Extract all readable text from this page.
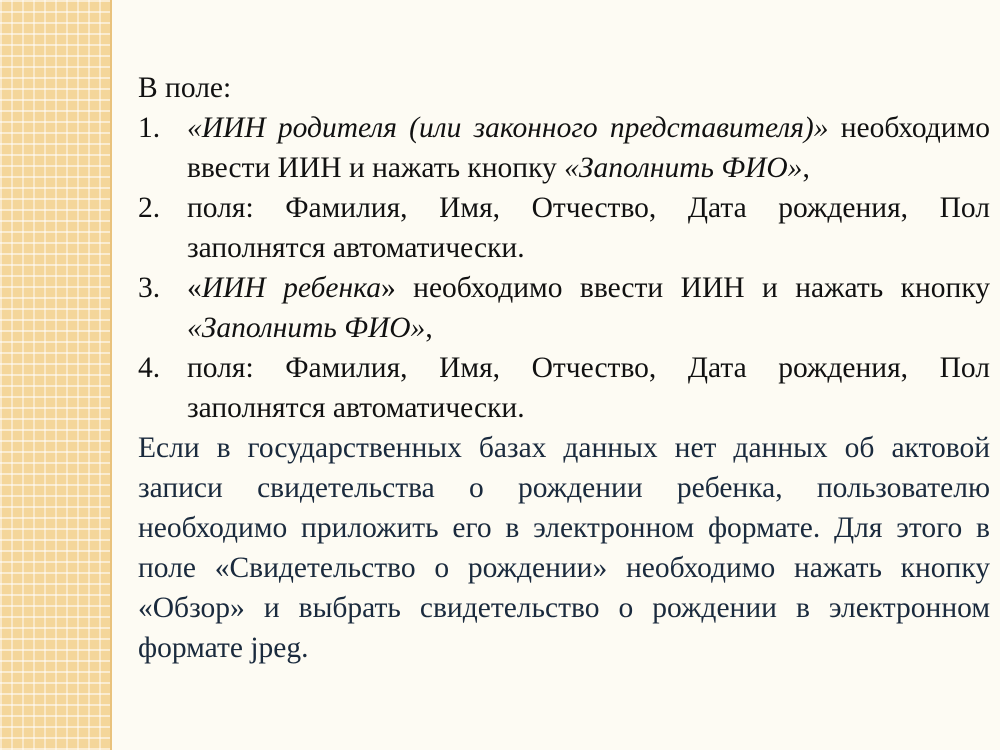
В поле:

1. «ИИН родителя (или законного представителя)» необходимо ввести ИИН и нажать кнопку «Заполнить ФИО»,
2. поля: Фамилия, Имя, Отчество, Дата рождения, Пол заполнятся автоматически.
3. «ИИН ребенка» необходимо ввести ИИН и нажать кнопку «Заполнить ФИО»,
4. поля: Фамилия, Имя, Отчество, Дата рождения, Пол заполнятся автоматически.

Если в государственных базах данных нет данных об актовой записи свидетельства о рождении ребенка, пользователю необходимо приложить его в электронном формате. Для этого в поле «Свидетельство о рождении» необходимо нажать кнопку «Обзор» и выбрать свидетельство о рождении в электронном формате jpeg.
